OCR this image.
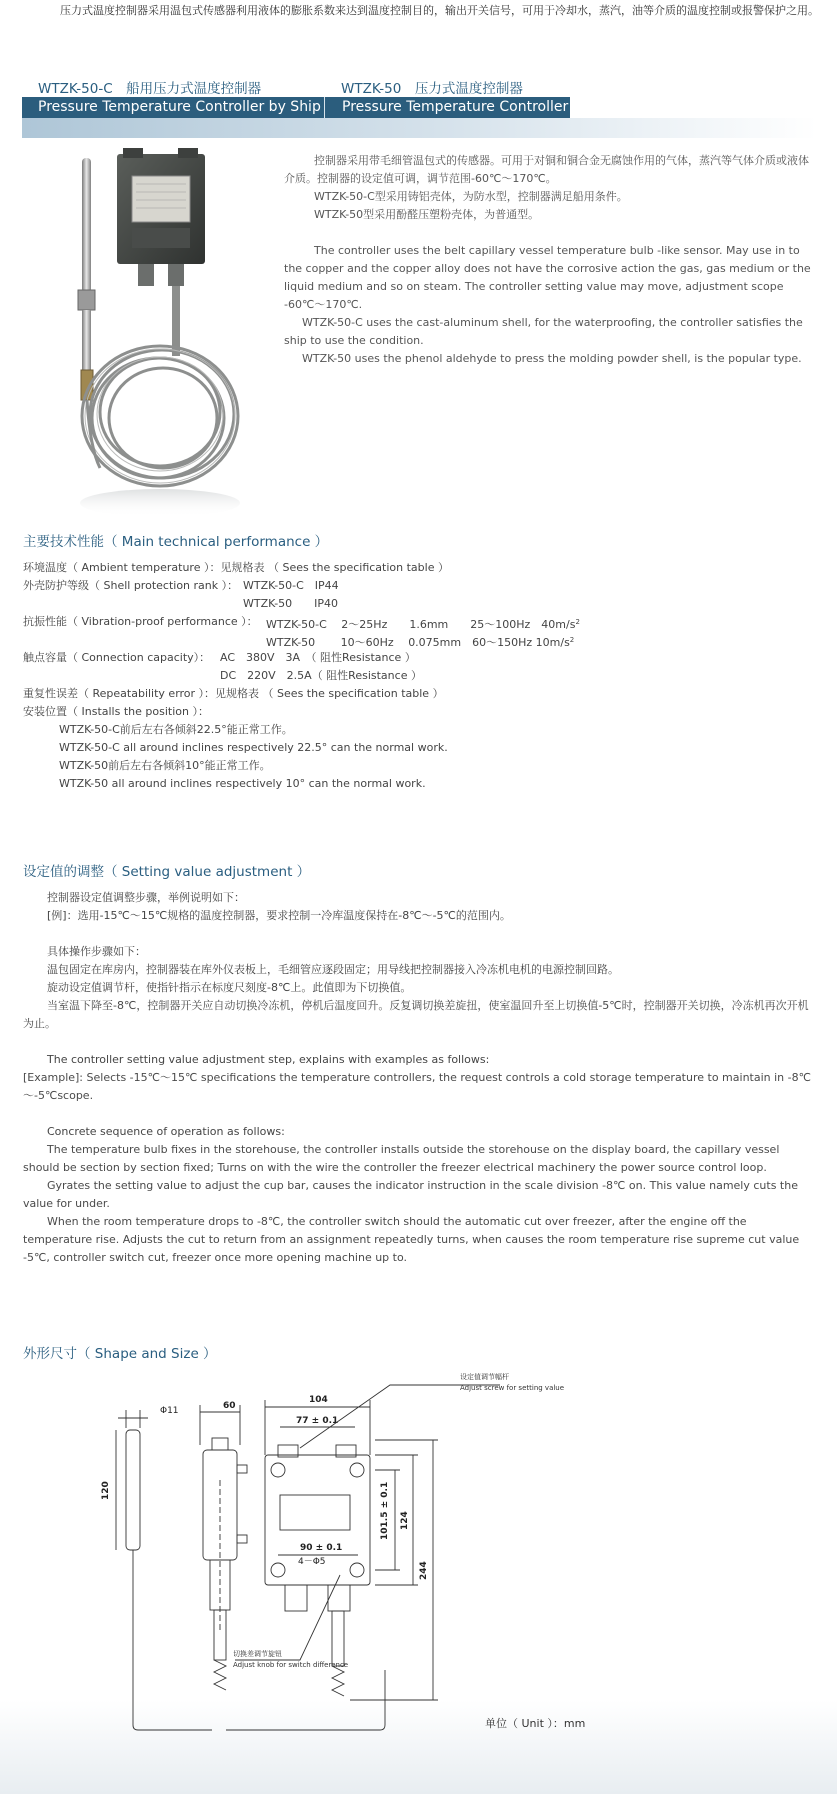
压力式温度控制器采用温包式传感器利用液体的膨胀系数来达到温度控制目的，输出开关信号，可用于冷却水，蒸汽，油等介质的温度控制或报警保护之用。

WTZK-50-C　船用压力式温度控制器	WTZK-50　压力式温度控制器
Pressure Temperature Controller by Ship Pressure Temperature Controller

控制器采用带毛细管温包式的传感器。可用于对铜和铜合金无腐蚀作用的气体，蒸汽等气体介质或液体介质。控制器的设定值可调，调节范围-60℃～170℃。

WTZK-50-C型采用铸铝壳体，为防水型，控制器满足船用条件。

WTZK-50型采用酚醛压塑粉壳体，为普通型。

The controller uses the belt capillary vessel temperature bulb -like sensor. May use in to the copper and the copper alloy does not have the corrosive action the gas, gas medium or the liquid medium and so on steam. The controller setting value may move, adjustment scope -60℃～170℃.

WTZK-50-C uses the cast-aluminum shell, for the waterproofing, the controller satisfies the ship to use the condition.

WTZK-50 uses the phenol aldehyde to press the molding powder shell, is the popular type.

主要技术性能（ Main technical performance ）
环境温度（ Ambient temperature ）：见规格表 （ Sees the specification table ）
外壳防护等级（ Shell protection rank ）： WTZK-50-C　IP44
WTZK-50　　IP40
抗振性能（ Vibration-proof performance ）： WTZK-50-C　 2～25Hz　　1.6mm　　25～100Hz　$40m/s^2$
WTZK-50　　 10～60Hz　 0.075mm　60～150Hz $10m/s^2$
触点容量（ Connection capacity）： AC　380V　3A　（ 阻性Resistance ）
DC　220V　2.5A（ 阻性Resistance ）
重复性误差（ Repeatability error ）：见规格表 （ Sees the specification table ）
安装位置（ Installs the position ）：
WTZK-50-C前后左右各倾斜22.5°能正常工作。
WTZK-50-C all around inclines respectively 22.5° can the normal work.
WTZK-50前后左右各倾斜10°能正常工作。
WTZK-50 all around inclines respectively 10° can the normal work.
设定值的调整（ Setting value adjustment ）
控制器设定值调整步骤，举例说明如下：
[例]：选用-15℃～15℃规格的温度控制器，要求控制一冷库温度保持在-8℃～-5℃的范围内。
具体操作步骤如下：
温包固定在库房内，控制器装在库外仪表板上，毛细管应逐段固定；用导线把控制器接入冷冻机电机的电源控制回路。
旋动设定值调节杆，使指针指示在标度尺刻度-8℃上。此值即为下切换值。

当室温下降至-8℃，控制器开关应自动切换冷冻机，停机后温度回升。反复调切换差旋扭，使室温回升至上切换值-5℃时，控制器开关切换，冷冻机再次开机为止。

The controller setting value adjustment step, explains with examples as follows:

[Example]: Selects -15℃～15℃ specifications the temperature controllers, the request controls a cold storage temperature to maintain in -8℃～-5℃scope.

Concrete sequence of operation as follows:

The temperature bulb fixes in the storehouse, the controller installs outside the storehouse on the display board, the capillary vessel should be section by section fixed; Turns on with the wire the controller the freezer electrical machinery the power source control loop.

Gyrates the setting value to adjust the cup bar, causes the indicator instruction in the scale division -8℃ on. This value namely cuts the value for under.

When the room temperature drops to -8℃, the controller switch should the automatic cut over freezer, after the engine off the temperature rise. Adjusts the cut to return from an assignment repeatedly turns, when causes the room temperature rise supreme cut value -5℃, controller switch cut, freezer once more opening machine up to.

外形尺寸（ Shape and Size ）
Φ11
120
60
104
77 ± 0.1
90 ± 0.1
4－Φ5
101.5 ± 0.1 124
244
设定值调节幅杆
Adjust screw for setting value
切换差调节旋钮
Adjust knob for switch difference
单位（ Unit ）：mm
